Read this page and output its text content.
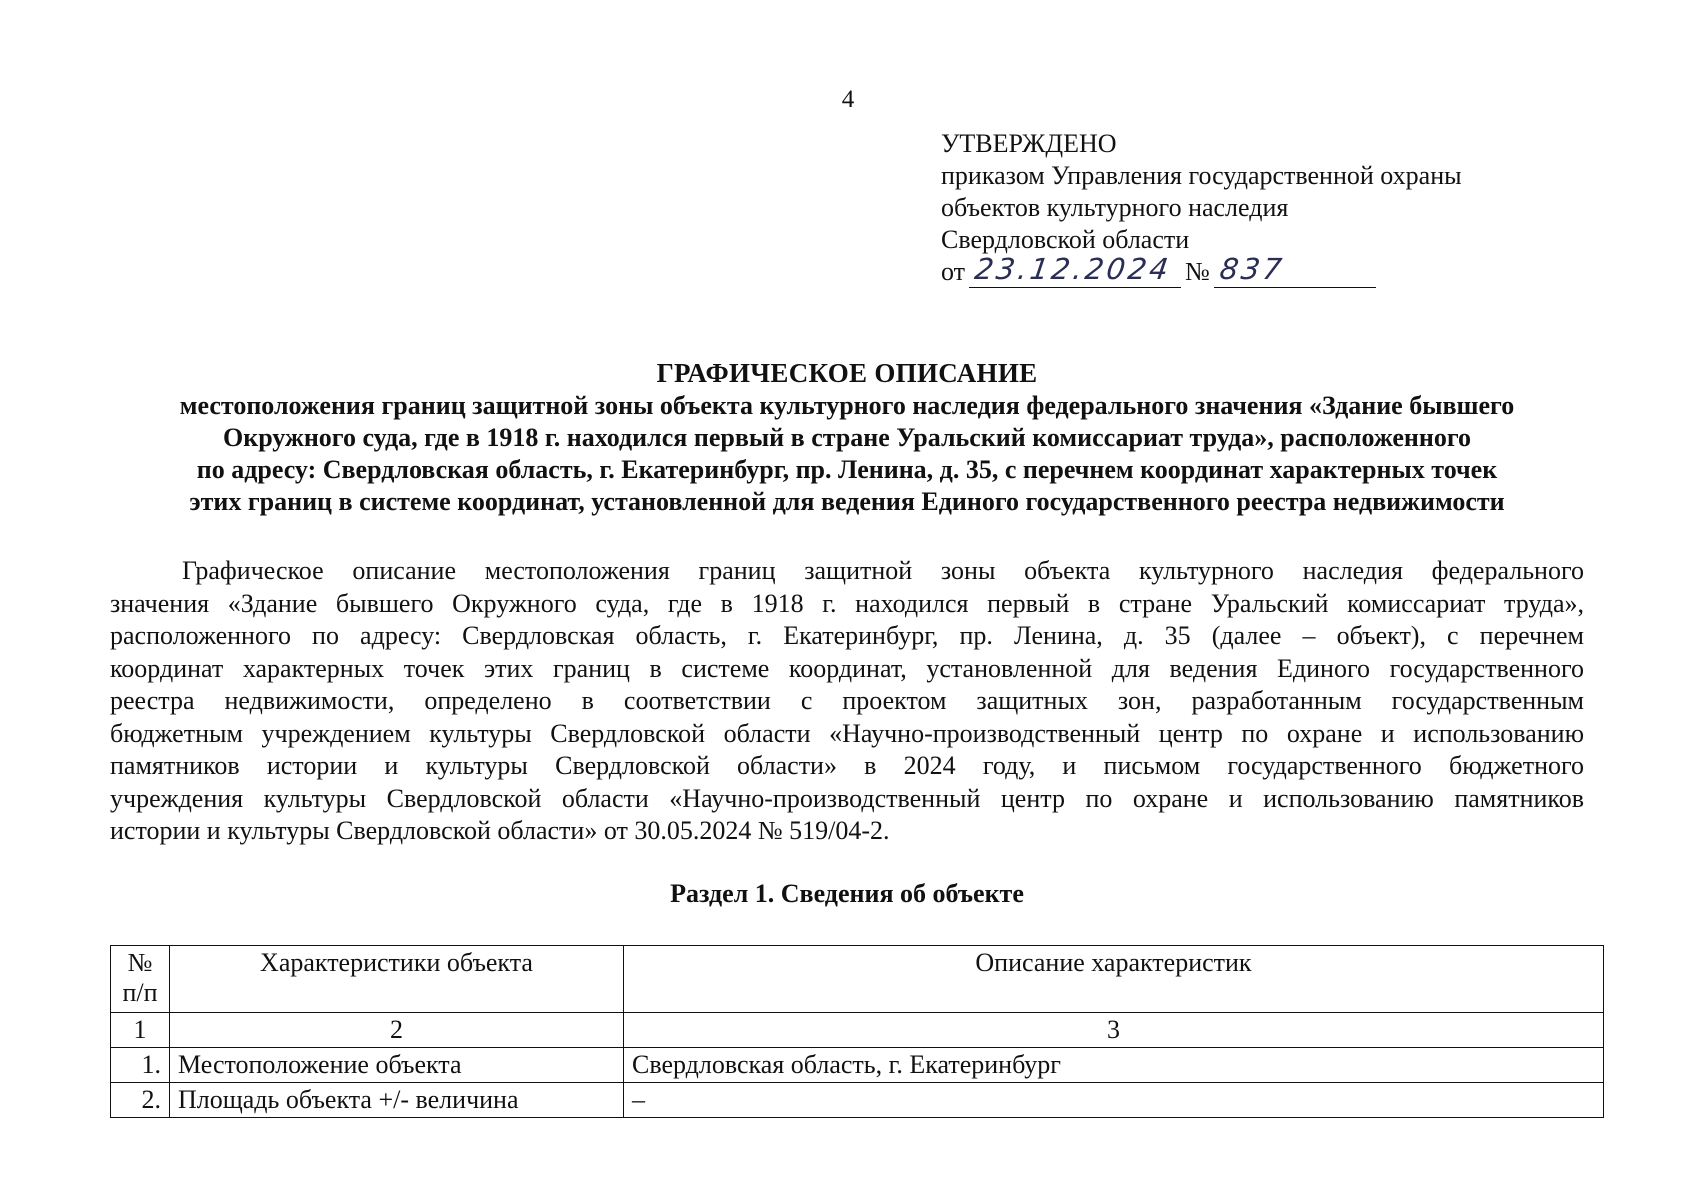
4
УТВЕРЖДЕНО
приказом Управления государственной охраны
объектов культурного наследия
Свердловской области
от 23.12.2024 № 837
ГРАФИЧЕСКОЕ ОПИСАНИЕ
местоположения границ защитной зоны объекта культурного наследия федерального значения «Здание бывшего
Окружного суда, где в 1918 г. находился первый в стране Уральский комиссариат труда», расположенного
по адресу: Свердловская область, г. Екатеринбург, пр. Ленина, д. 35, с перечнем координат характерных точек
этих границ в системе координат, установленной для ведения Единого государственного реестра недвижимости
Графическое описание местоположения границ защитной зоны объекта культурного наследия федерального
значения «Здание бывшего Окружного суда, где в 1918 г. находился первый в стране Уральский комиссариат труда»,
расположенного по адресу: Свердловская область, г. Екатеринбург, пр. Ленина, д. 35 (далее – объект), с перечнем
координат характерных точек этих границ в системе координат, установленной для ведения Единого государственного
реестра недвижимости, определено в соответствии с проектом защитных зон, разработанным государственным
бюджетным учреждением культуры Свердловской области «Научно-производственный центр по охране и использованию
памятников истории и культуры Свердловской области» в 2024 году, и письмом государственного бюджетного
учреждения культуры Свердловской области «Научно-производственный центр по охране и использованию памятников
истории и культуры Свердловской области» от 30.05.2024 № 519/04-2.
Раздел 1. Сведения об объекте
№
п/п	Характеристики объекта	Описание характеристик
1	2	3
1.	Местоположение объекта	Свердловская область, г. Екатеринбург
2.	Площадь объекта +/- величина	–
